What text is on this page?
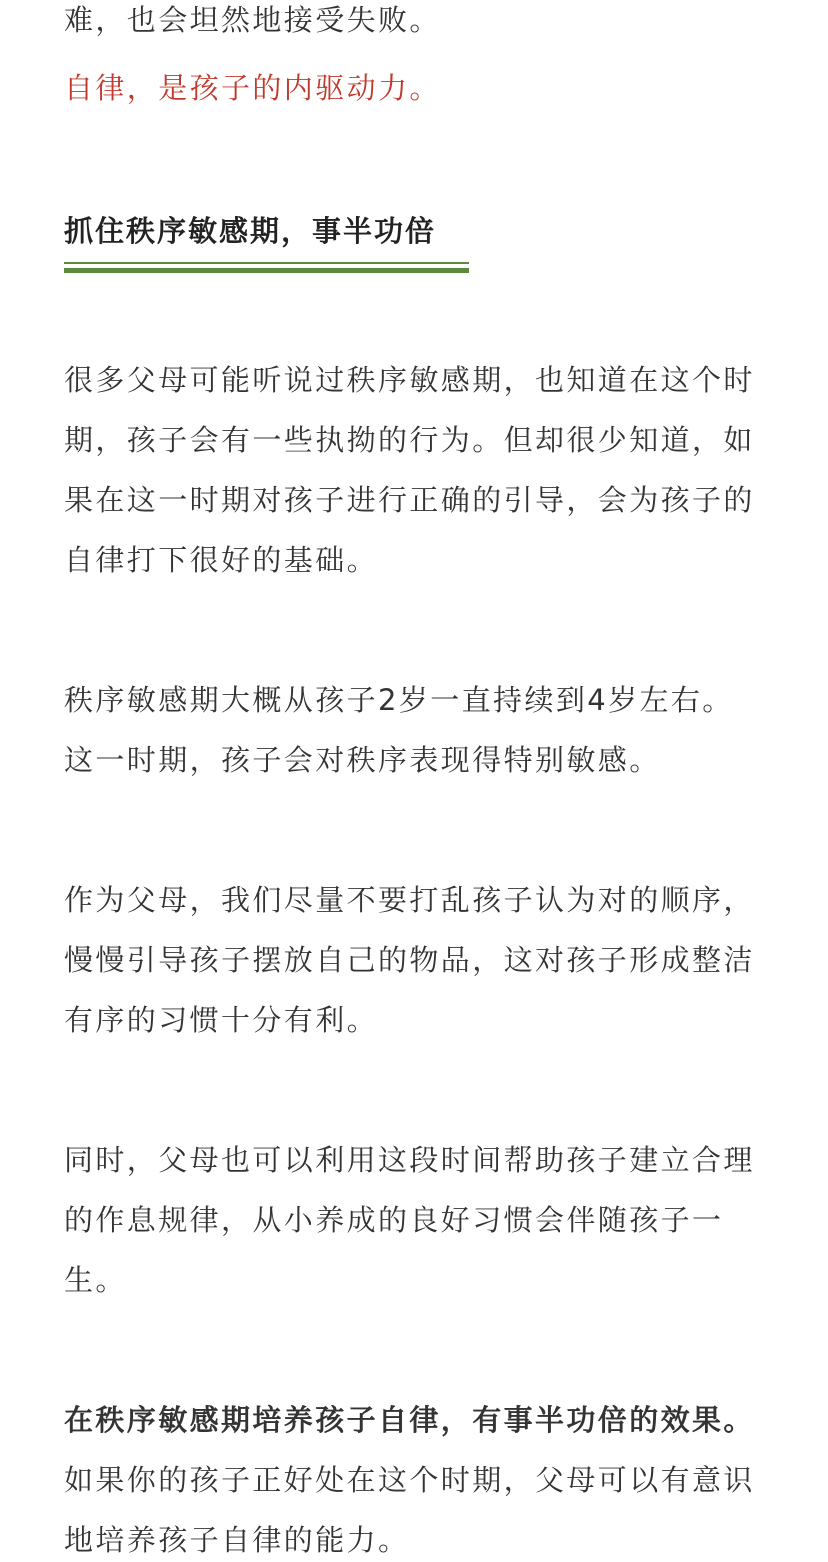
难，也会坦然地接受失败。
自律，是孩子的内驱动力。
抓住秩序敏感期，事半功倍
很多父母可能听说过秩序敏感期，也知道在这个时
期，孩子会有一些执拗的行为。但却很少知道，如
果在这一时期对孩子进行正确的引导，会为孩子的
自律打下很好的基础。
秩序敏感期大概从孩子2岁一直持续到4岁左右。
这一时期，孩子会对秩序表现得特别敏感。
作为父母，我们尽量不要打乱孩子认为对的顺序，
慢慢引导孩子摆放自己的物品，这对孩子形成整洁
有序的习惯十分有利。
同时，父母也可以利用这段时间帮助孩子建立合理
的作息规律，从小养成的良好习惯会伴随孩子一
生。
在秩序敏感期培养孩子自律，有事半功倍的效果。
如果你的孩子正好处在这个时期，父母可以有意识
地培养孩子自律的能力。
